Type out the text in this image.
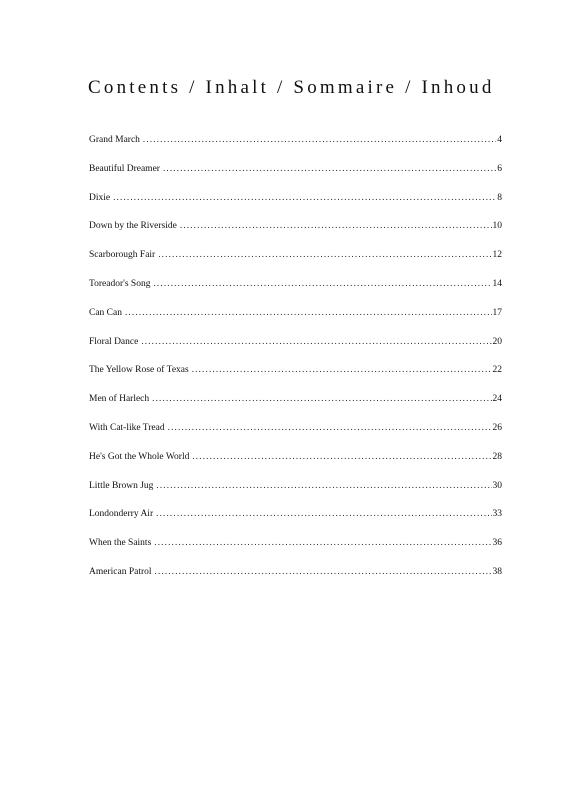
Contents / Inhalt / Sommaire / Inhoud
Grand March .....	4
Beautiful Dreamer .....	6
Dixie .....	8
Down by the Riverside .....	10
Scarborough Fair .....	12
Toreador's Song .....	14
Can Can .....	17
Floral Dance .....	20
The Yellow Rose of Texas .....	22
Men of Harlech .....	24
With Cat-like Tread .....	26
He's Got the Whole World .....	28
Little Brown Jug .....	30
Londonderry Air .....	33
When the Saints .....	36
American Patrol .....	38
